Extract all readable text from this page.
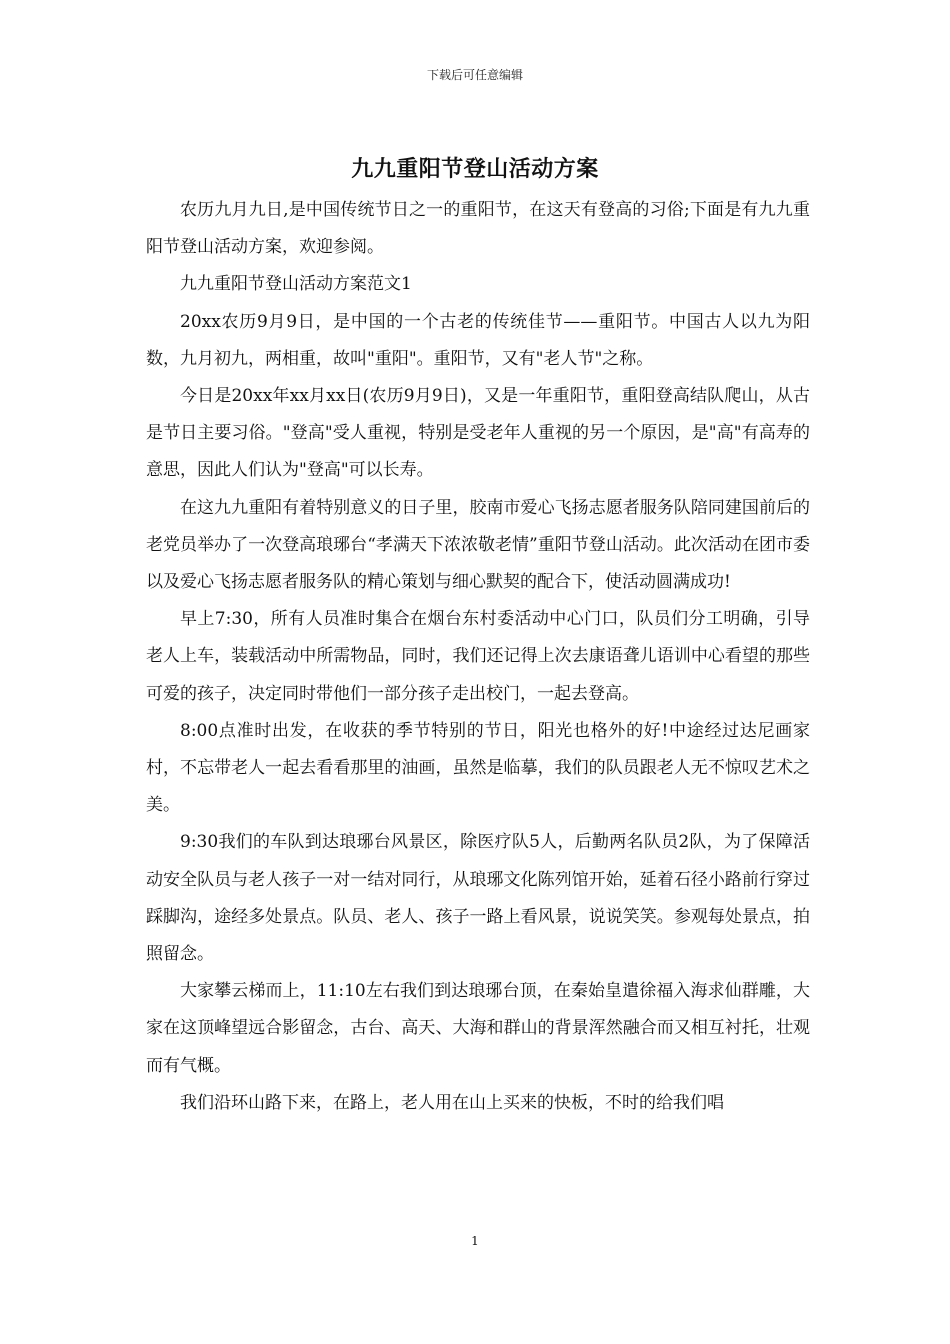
下载后可任意编辑
九九重阳节登山活动方案

农历九月九日,是中国传统节日之一的重阳节，在这天有登高的习俗;下面是有九九重阳节登山活动方案，欢迎参阅。

九九重阳节登山活动方案范文1

20xx农历9月9日，是中国的一个古老的传统佳节——重阳节。中国古人以九为阳数，九月初九，两相重，故叫"重阳"。重阳节，又有"老人节"之称。

今日是20xx年xx月xx日(农历9月9日)，又是一年重阳节，重阳登高结队爬山，从古是节日主要习俗。"登高"受人重视，特别是受老年人重视的另一个原因，是"高"有高寿的意思，因此人们认为"登高"可以长寿。

在这九九重阳有着特别意义的日子里，胶南市爱心飞扬志愿者服务队陪同建国前后的老党员举办了一次登高琅琊台“孝满天下浓浓敬老情”重阳节登山活动。此次活动在团市委以及爱心飞扬志愿者服务队的精心策划与细心默契的配合下，使活动圆满成功!

早上7:30，所有人员准时集合在烟台东村委活动中心门口，队员们分工明确，引导老人上车，装载活动中所需物品，同时，我们还记得上次去康语聋儿语训中心看望的那些可爱的孩子，决定同时带他们一部分孩子走出校门，一起去登高。

8:00点准时出发，在收获的季节特别的节日，阳光也格外的好!中途经过达尼画家村，不忘带老人一起去看看那里的油画，虽然是临摹，我们的队员跟老人无不惊叹艺术之美。

9:30我们的车队到达琅琊台风景区，除医疗队5人，后勤两名队员2队，为了保障活动安全队员与老人孩子一对一结对同行，从琅琊文化陈列馆开始，延着石径小路前行穿过踩脚沟，途经多处景点。队员、老人、孩子一路上看风景，说说笑笑。参观每处景点，拍照留念。

大家攀云梯而上，11:10左右我们到达琅琊台顶，在秦始皇遣徐福入海求仙群雕，大家在这顶峰望远合影留念，古台、高天、大海和群山的背景浑然融合而又相互衬托，壮观而有气概。

我们沿环山路下来，在路上，老人用在山上买来的快板，不时的给我们唱

1
